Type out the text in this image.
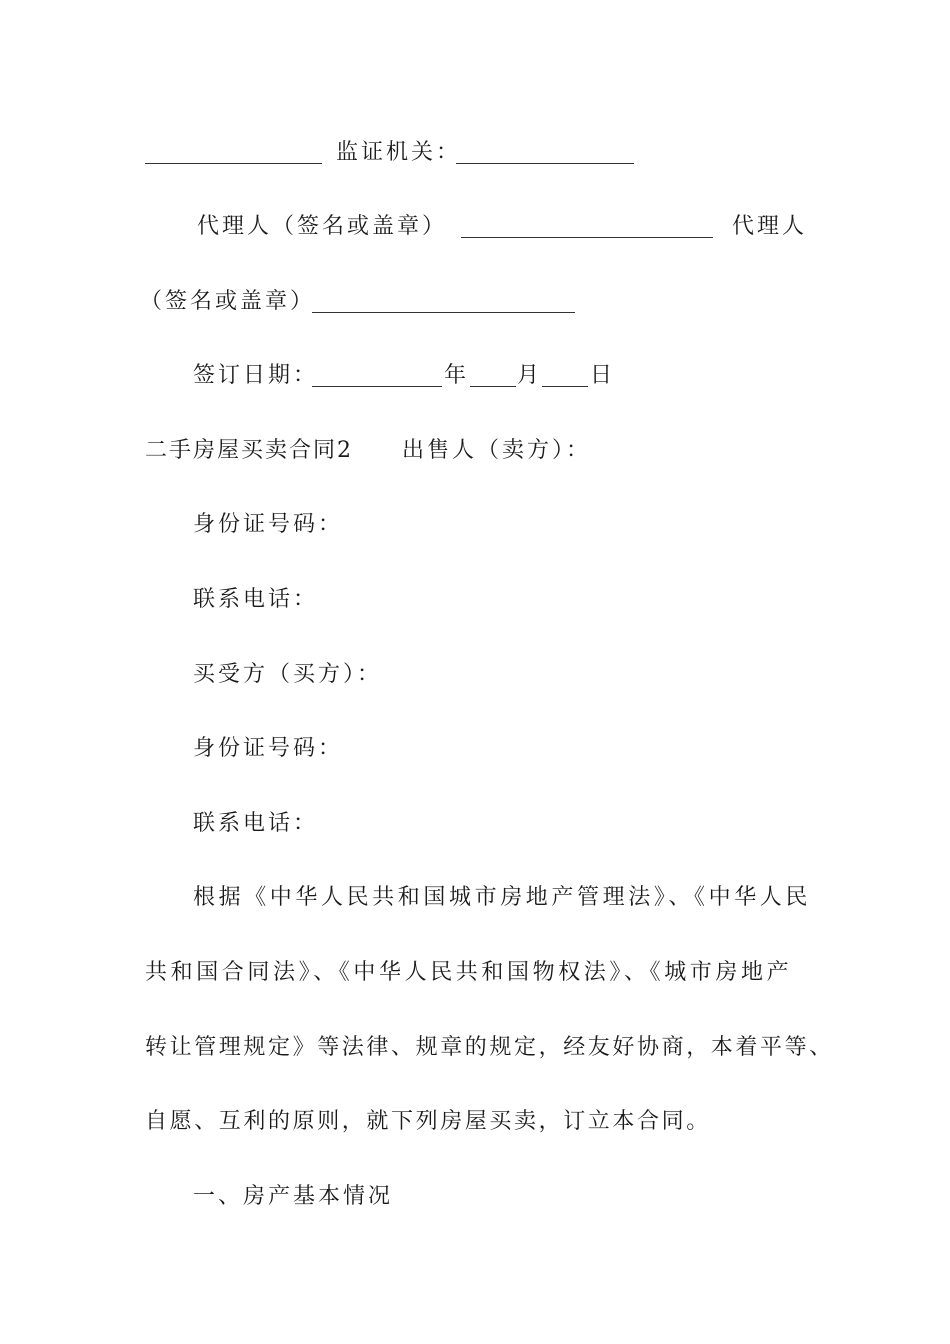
监证机关：
代理人（签名或盖章）	代理人
（签名或盖章）
签订日期：	年 月 日
二手房屋买卖合同2 出售人（卖方）：
身份证号码：
联系电话：
买受方（买方）：
身份证号码：
联系电话：
根据《中华人民共和国城市房地产管理法》、《中华人民
共和国合同法》、《中华人民共和国物权法》、《城市房地产
转让管理规定》等法律、规章的规定，经友好协商，本着平等、
自愿、互利的原则，就下列房屋买卖，订立本合同。
一、房产基本情况
